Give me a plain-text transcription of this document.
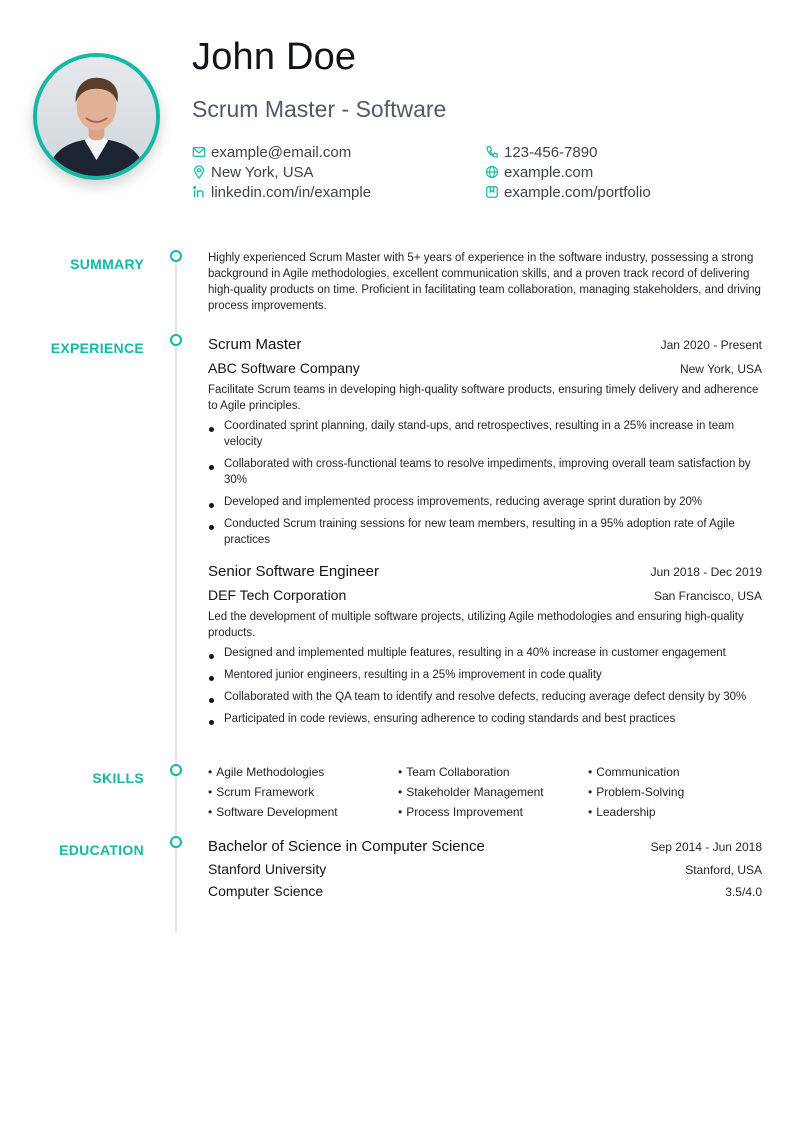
John Doe
Scrum Master - Software
example@email.com	123-456-7890
New York, USA	example.com
linkedin.com/in/example	example.com/portfolio
SUMMARY	Highly experienced Scrum Master with 5+ years of experience in the software industry, possessing a strong background in Agile methodologies, excellent communication skills, and a proven track record of delivering high-quality products on time. Proficient in facilitating team collaboration, managing stakeholders, and driving process improvements.
EXPERIENCE	Scrum Master	Jan 2020 - Present
ABC Software Company	New York, USA
Facilitate Scrum teams in developing high-quality software products, ensuring timely delivery and adherence to Agile principles.
Coordinated sprint planning, daily stand-ups, and retrospectives, resulting in a 25% increase in team velocity
Collaborated with cross-functional teams to resolve impediments, improving overall team satisfaction by 30%
Developed and implemented process improvements, reducing average sprint duration by 20%
Conducted Scrum training sessions for new team members, resulting in a 95% adoption rate of Agile practices
Senior Software Engineer	Jun 2018 - Dec 2019
DEF Tech Corporation	San Francisco, USA
Led the development of multiple software projects, utilizing Agile methodologies and ensuring high-quality products.
Designed and implemented multiple features, resulting in a 40% increase in customer engagement
Mentored junior engineers, resulting in a 25% improvement in code quality
Collaborated with the QA team to identify and resolve defects, reducing average defect density by 30%
Participated in code reviews, ensuring adherence to coding standards and best practices
SKILLS	• Agile Methodologies	• Team Collaboration	• Communication
• Scrum Framework	• Stakeholder Management	• Problem-Solving
• Software Development	• Process Improvement	• Leadership
EDUCATION	Bachelor of Science in Computer Science	Sep 2014 - Jun 2018
Stanford University	Stanford, USA
Computer Science	3.5/4.0
